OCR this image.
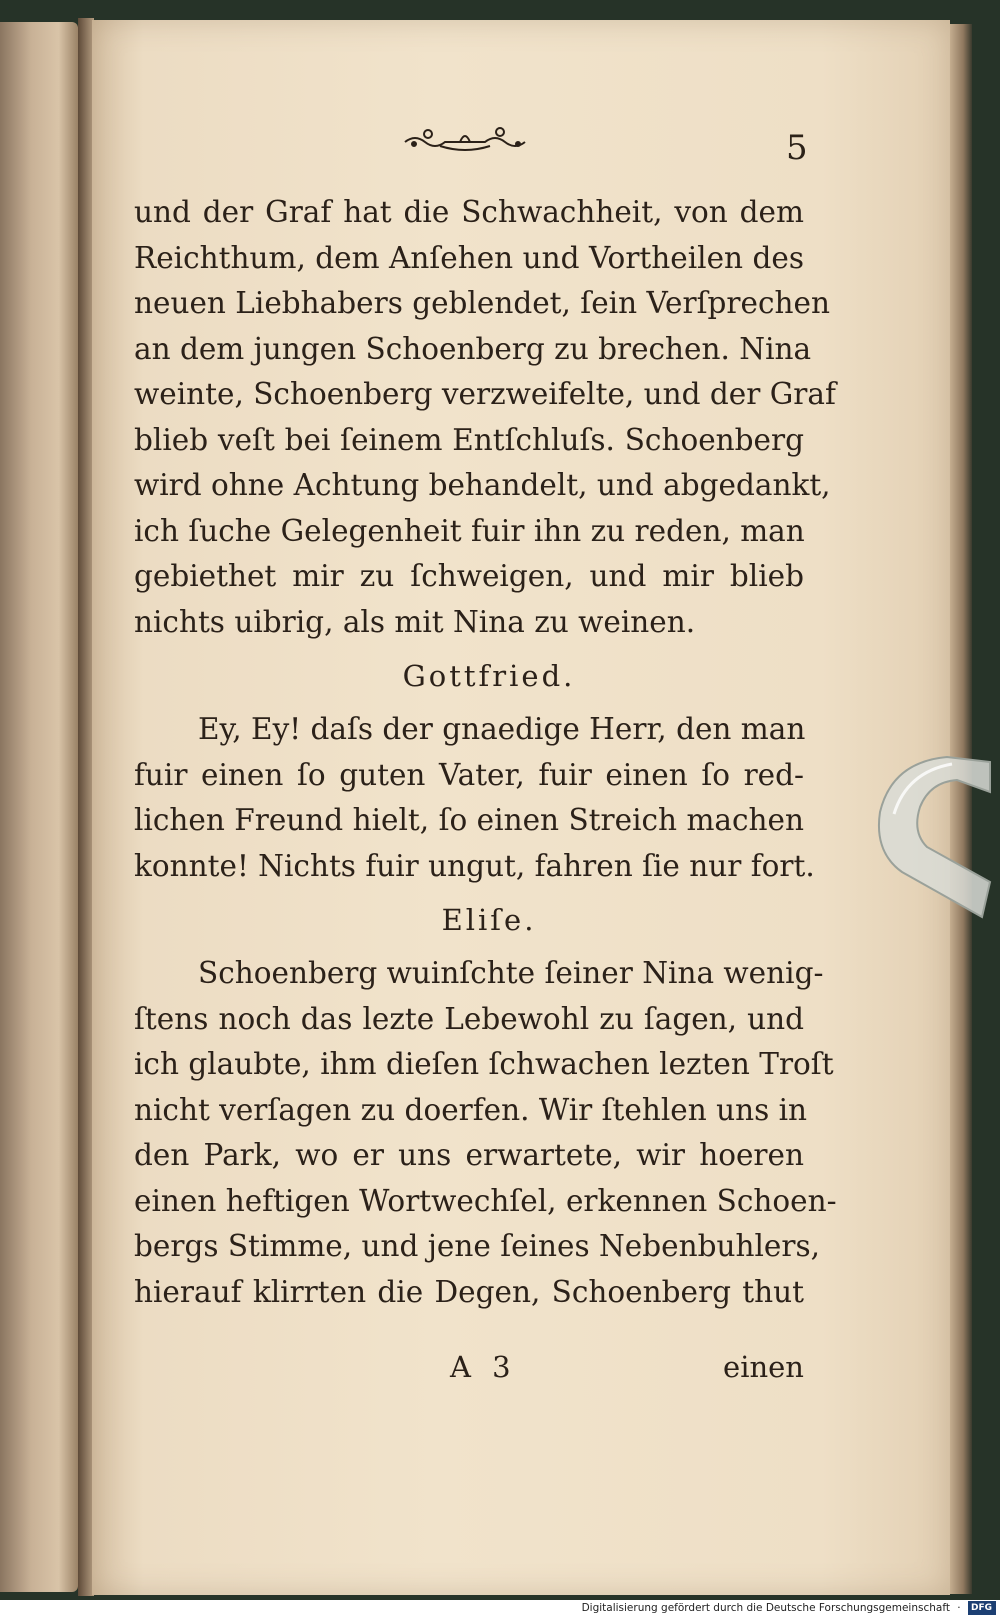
5
und der Graf hat die Schwachheit, von dem
Reichthum, dem Anſehen und Vortheilen des
neuen Liebhabers geblendet, ſein Verſprechen
an dem jungen Schoenberg zu brechen. Nina
weinte, Schoenberg verzweifelte, und der Graf
blieb veſt bei ſeinem Entſchluſs. Schoenberg
wird ohne Achtung behandelt, und abgedankt,
ich ſuche Gelegenheit fuir ihn zu reden, man
gebiethet mir zu ſchweigen, und mir blieb
nichts uibrig, als mit Nina zu weinen.
Gottfried.
Ey, Ey! daſs der gnaedige Herr, den man
fuir einen ſo guten Vater, fuir einen ſo red-
lichen Freund hielt, ſo einen Streich machen
konnte! Nichts fuir ungut, fahren ſie nur fort.
Eliſe.
Schoenberg wuinſchte ſeiner Nina wenig-
ſtens noch das lezte Lebewohl zu ſagen, und
ich glaubte, ihm dieſen ſchwachen lezten Troſt
nicht verſagen zu doerfen. Wir ſtehlen uns in
den Park, wo er uns erwartete, wir hoeren
einen heftigen Wortwechſel, erkennen Schoen-
bergs Stimme, und jene ſeines Nebenbuhlers,
hierauf klirrten die Degen, Schoenberg thut
A 3	einen
Digitalisierung gefördert durch die Deutsche Forschungsgemeinschaft · DFG
